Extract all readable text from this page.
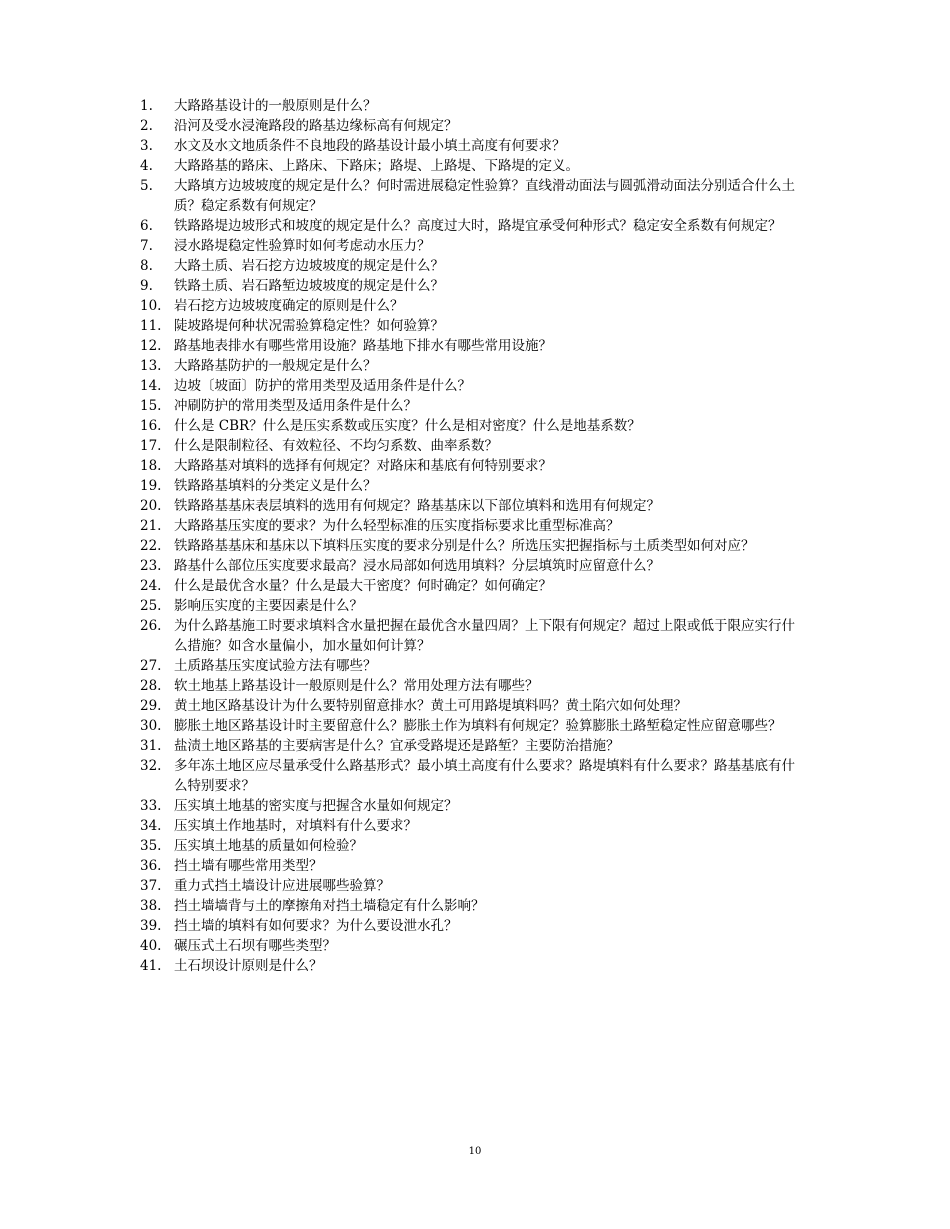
1.	大路路基设计的一般原则是什么？
2.	沿河及受水浸淹路段的路基边缘标高有何规定？
3.	水文及水文地质条件不良地段的路基设计最小填土高度有何要求？
4.	大路路基的路床、上路床、下路床；路堤、上路堤、下路堤的定义。
5.	大路填方边坡坡度的规定是什么？何时需进展稳定性验算？直线滑动面法与圆弧滑动面法分别适合什么土质？稳定系数有何规定？
6.	铁路路堤边坡形式和坡度的规定是什么？高度过大时，路堤宜承受何种形式？稳定安全系数有何规定？
7.	浸水路堤稳定性验算时如何考虑动水压力？
8.	大路土质、岩石挖方边坡坡度的规定是什么？
9.	铁路土质、岩石路堑边坡坡度的规定是什么？
10. 岩石挖方边坡坡度确定的原则是什么？
11. 陡坡路堤何种状况需验算稳定性？如何验算？
12. 路基地表排水有哪些常用设施？路基地下排水有哪些常用设施？
13. 大路路基防护的一般规定是什么？
14. 边坡〔坡面〕防护的常用类型及适用条件是什么？
15. 冲刷防护的常用类型及适用条件是什么？
16. 什么是 CBR？什么是压实系数或压实度？什么是相对密度？什么是地基系数？
17. 什么是限制粒径、有效粒径、不均匀系数、曲率系数？
18. 大路路基对填料的选择有何规定？对路床和基底有何特别要求？
19. 铁路路基填料的分类定义是什么？
20. 铁路路基基床表层填料的选用有何规定？路基基床以下部位填料和选用有何规定？
21. 大路路基压实度的要求？为什么轻型标准的压实度指标要求比重型标准高？
22. 铁路路基基床和基床以下填料压实度的要求分别是什么？所选压实把握指标与土质类型如何对应？
23. 路基什么部位压实度要求最高？浸水局部如何选用填料？分层填筑时应留意什么？
24. 什么是最优含水量？什么是最大干密度？何时确定？如何确定？
25. 影响压实度的主要因素是什么？
26. 为什么路基施工时要求填料含水量把握在最优含水量四周？上下限有何规定？超过上限或低于限应实行什么措施？如含水量偏小，加水量如何计算？
27. 土质路基压实度试验方法有哪些？
28. 软土地基上路基设计一般原则是什么？常用处理方法有哪些？
29. 黄土地区路基设计为什么要特别留意排水？黄土可用路堤填料吗？黄土陷穴如何处理？
30. 膨胀土地区路基设计时主要留意什么？膨胀土作为填料有何规定？验算膨胀土路堑稳定性应留意哪些？
31. 盐渍土地区路基的主要病害是什么？宜承受路堤还是路堑？主要防治措施？
32. 多年冻土地区应尽量承受什么路基形式？最小填土高度有什么要求？路堤填料有什么要求？路基基底有什么特别要求？
33. 压实填土地基的密实度与把握含水量如何规定？
34. 压实填土作地基时，对填料有什么要求？
35. 压实填土地基的质量如何检验？
36. 挡土墙有哪些常用类型？
37. 重力式挡土墙设计应进展哪些验算？
38. 挡土墙墙背与土的摩擦角对挡土墙稳定有什么影响？
39. 挡土墙的填料有如何要求？为什么要设泄水孔？
40. 碾压式土石坝有哪些类型？
41. 土石坝设计原则是什么？
10
